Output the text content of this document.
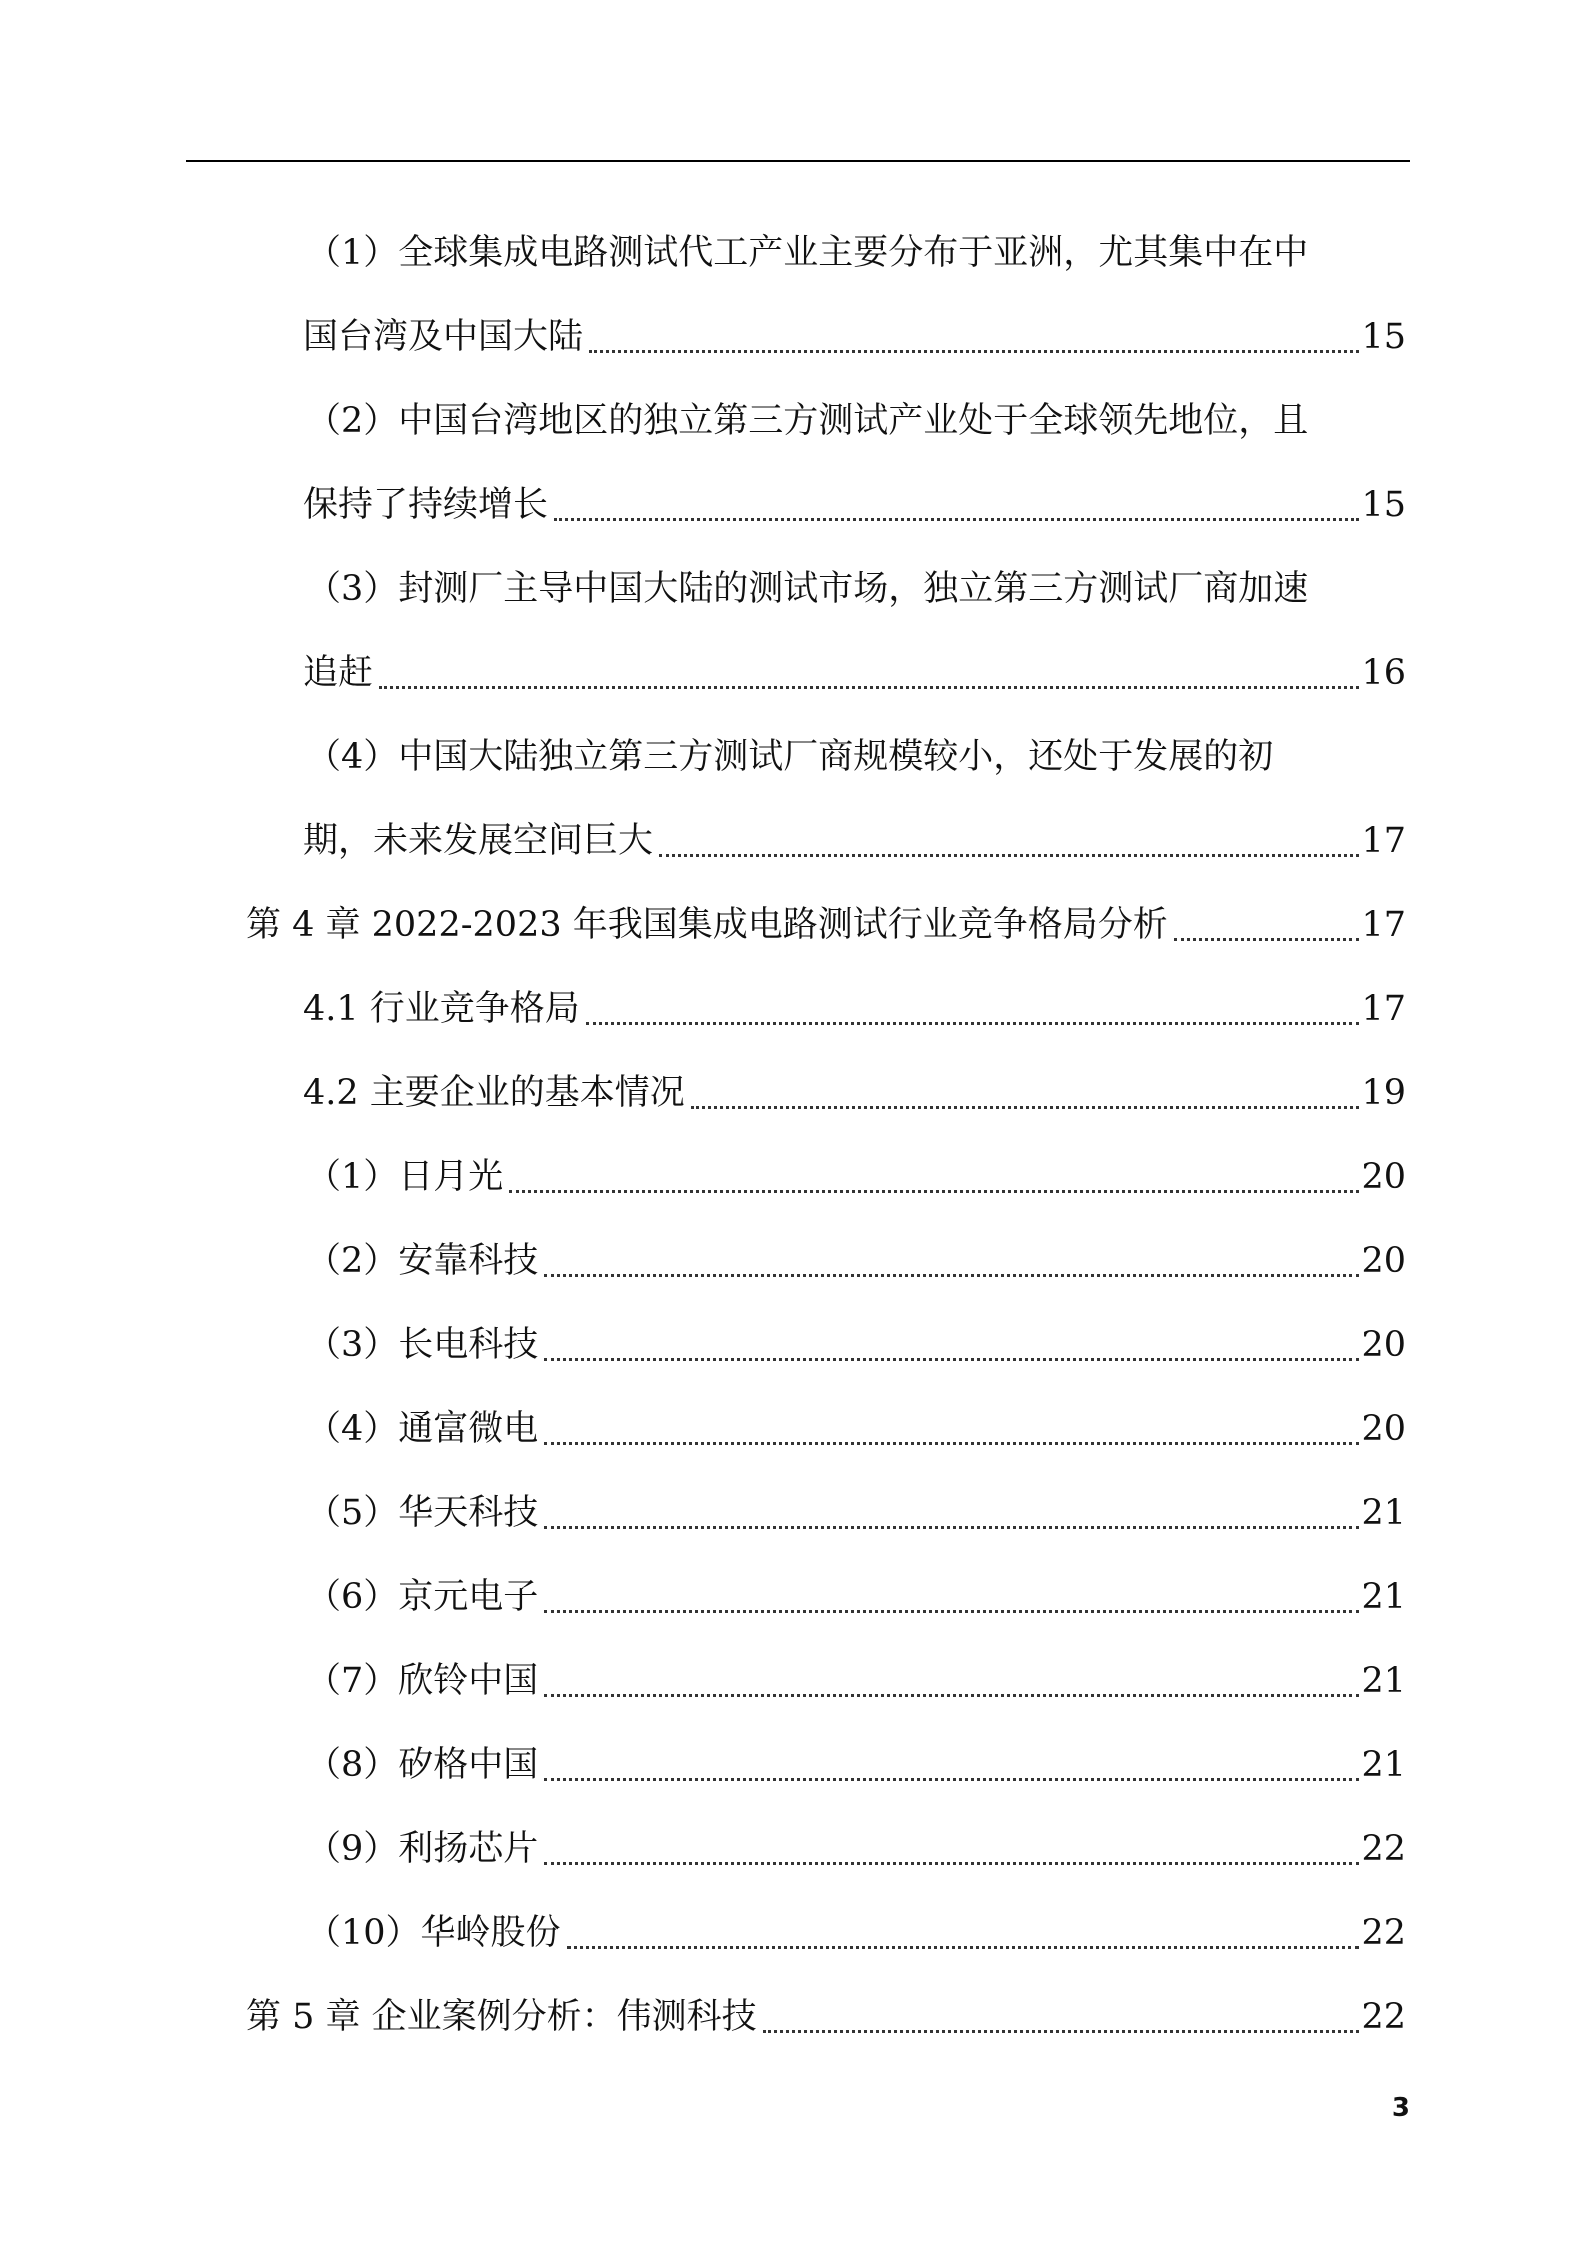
（1）全球集成电路测试代工产业主要分布于亚洲，尤其集中在中
国台湾及中国大陆	15
（2）中国台湾地区的独立第三方测试产业处于全球领先地位，且
保持了持续增长	15
（3）封测厂主导中国大陆的测试市场，独立第三方测试厂商加速
追赶	16
（4）中国大陆独立第三方测试厂商规模较小，还处于发展的初
期，未来发展空间巨大	17
第 4 章 2022-2023 年我国集成电路测试行业竞争格局分析	17
4.1 行业竞争格局	17
4.2 主要企业的基本情况	19
（1）日月光	20
（2）安靠科技	20
（3）长电科技	20
（4）通富微电	20
（5）华天科技	21
（6）京元电子	21
（7）欣铃中国	21
（8）矽格中国	21
（9）利扬芯片	22
（10）华岭股份	22
第 5 章 企业案例分析：伟测科技	22
3
